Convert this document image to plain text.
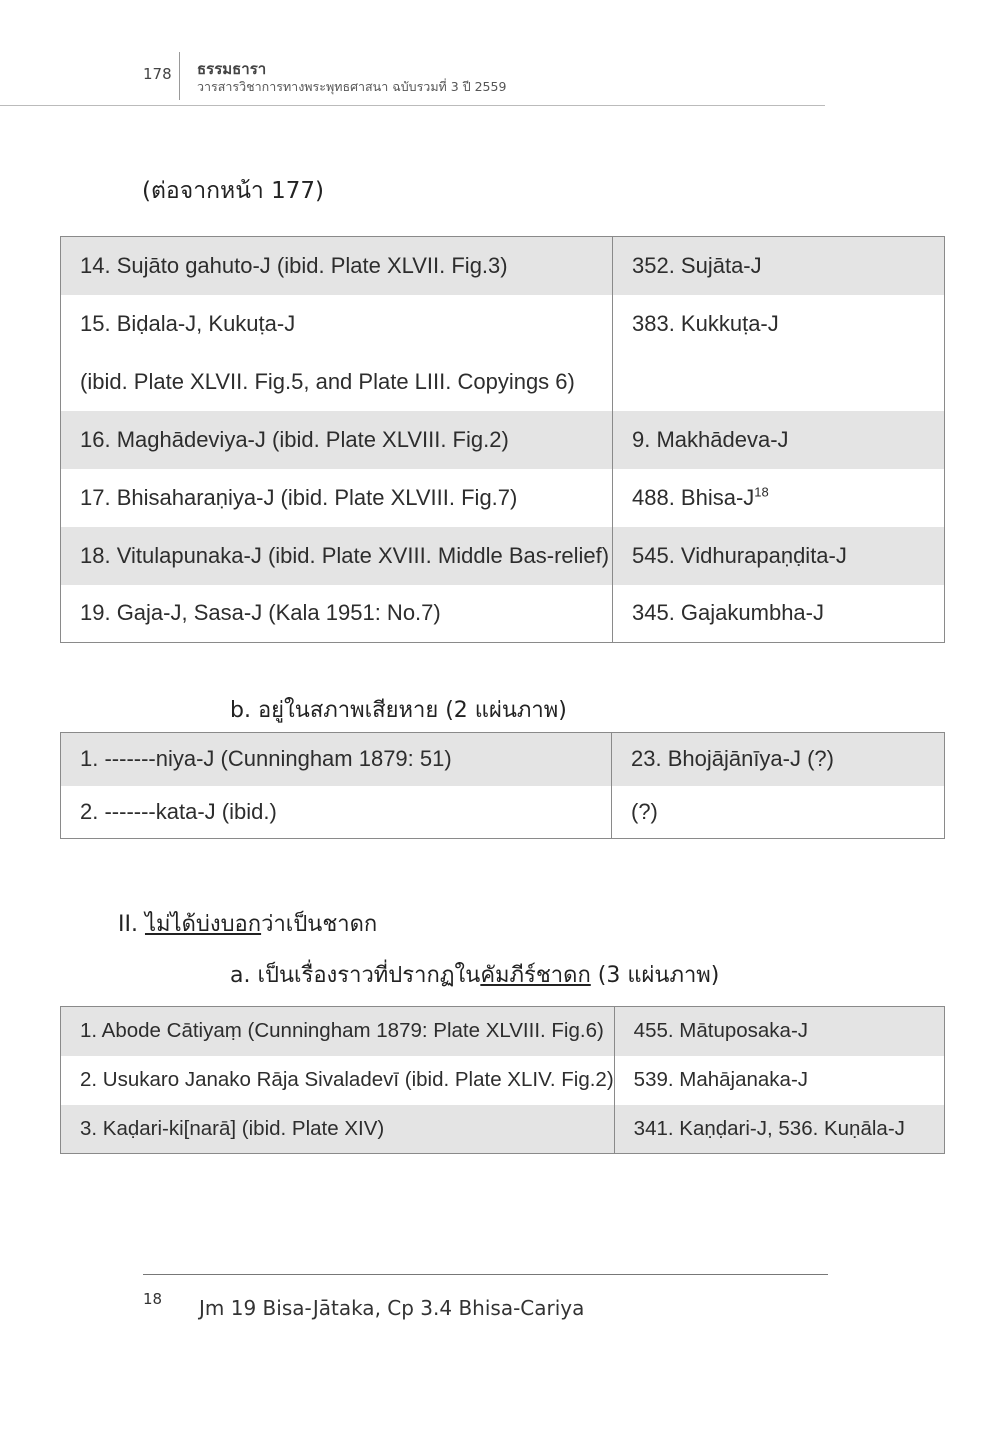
178 ธรรมธารา
วารสารวิชาการทางพระพุทธศาสนา ฉบับรวมที่ 3 ปี 2559
(ต่อจากหน้า 177)
14. Sujāto gahuto-J (ibid. Plate XLVII. Fig.3)	352. Sujāta-J
15. Biḍala-J, Kukuṭa-J	383. Kukkuṭa-J
(ibid. Plate XLVII. Fig.5, and Plate LIII. Copyings 6)	
16. Maghādeviya-J (ibid. Plate XLVIII. Fig.2)	9. Makhādeva-J
17. Bhisaharaṇiya-J (ibid. Plate XLVIII. Fig.7)	488. Bhisa-J$^{18}$
18. Vitulapunaka-J (ibid. Plate XVIII. Middle Bas-relief)	545. Vidhurapaṇḍita-J
19. Gaja-J, Sasa-J (Kala 1951: No.7)	345. Gajakumbha-J
b. อยู่ในสภาพเสียหาย (2 แผ่นภาพ)
1. -------niya-J (Cunningham 1879: 51)	23. Bhojājānīya-J (?)
2. -------kata-J (ibid.)	(?)
II. ไม่ได้บ่งบอกว่าเป็นชาดก
a. เป็นเรื่องราวที่ปรากฏในคัมภีร์ชาดก (3 แผ่นภาพ)
1. Abode Cātiyaṃ (Cunningham 1879: Plate XLVIII. Fig.6)	455. Mātuposaka-J
2. Usukaro Janako Rāja Sivaladevī (ibid. Plate XLIV. Fig.2)	539. Mahājanaka-J
3. Kaḍari-ki[narā] (ibid. Plate XIV)	341. Kaṇḍari-J, 536. Kuṇāla-J
18 Jm 19 Bisa-Jātaka, Cp 3.4 Bhisa-Cariya
